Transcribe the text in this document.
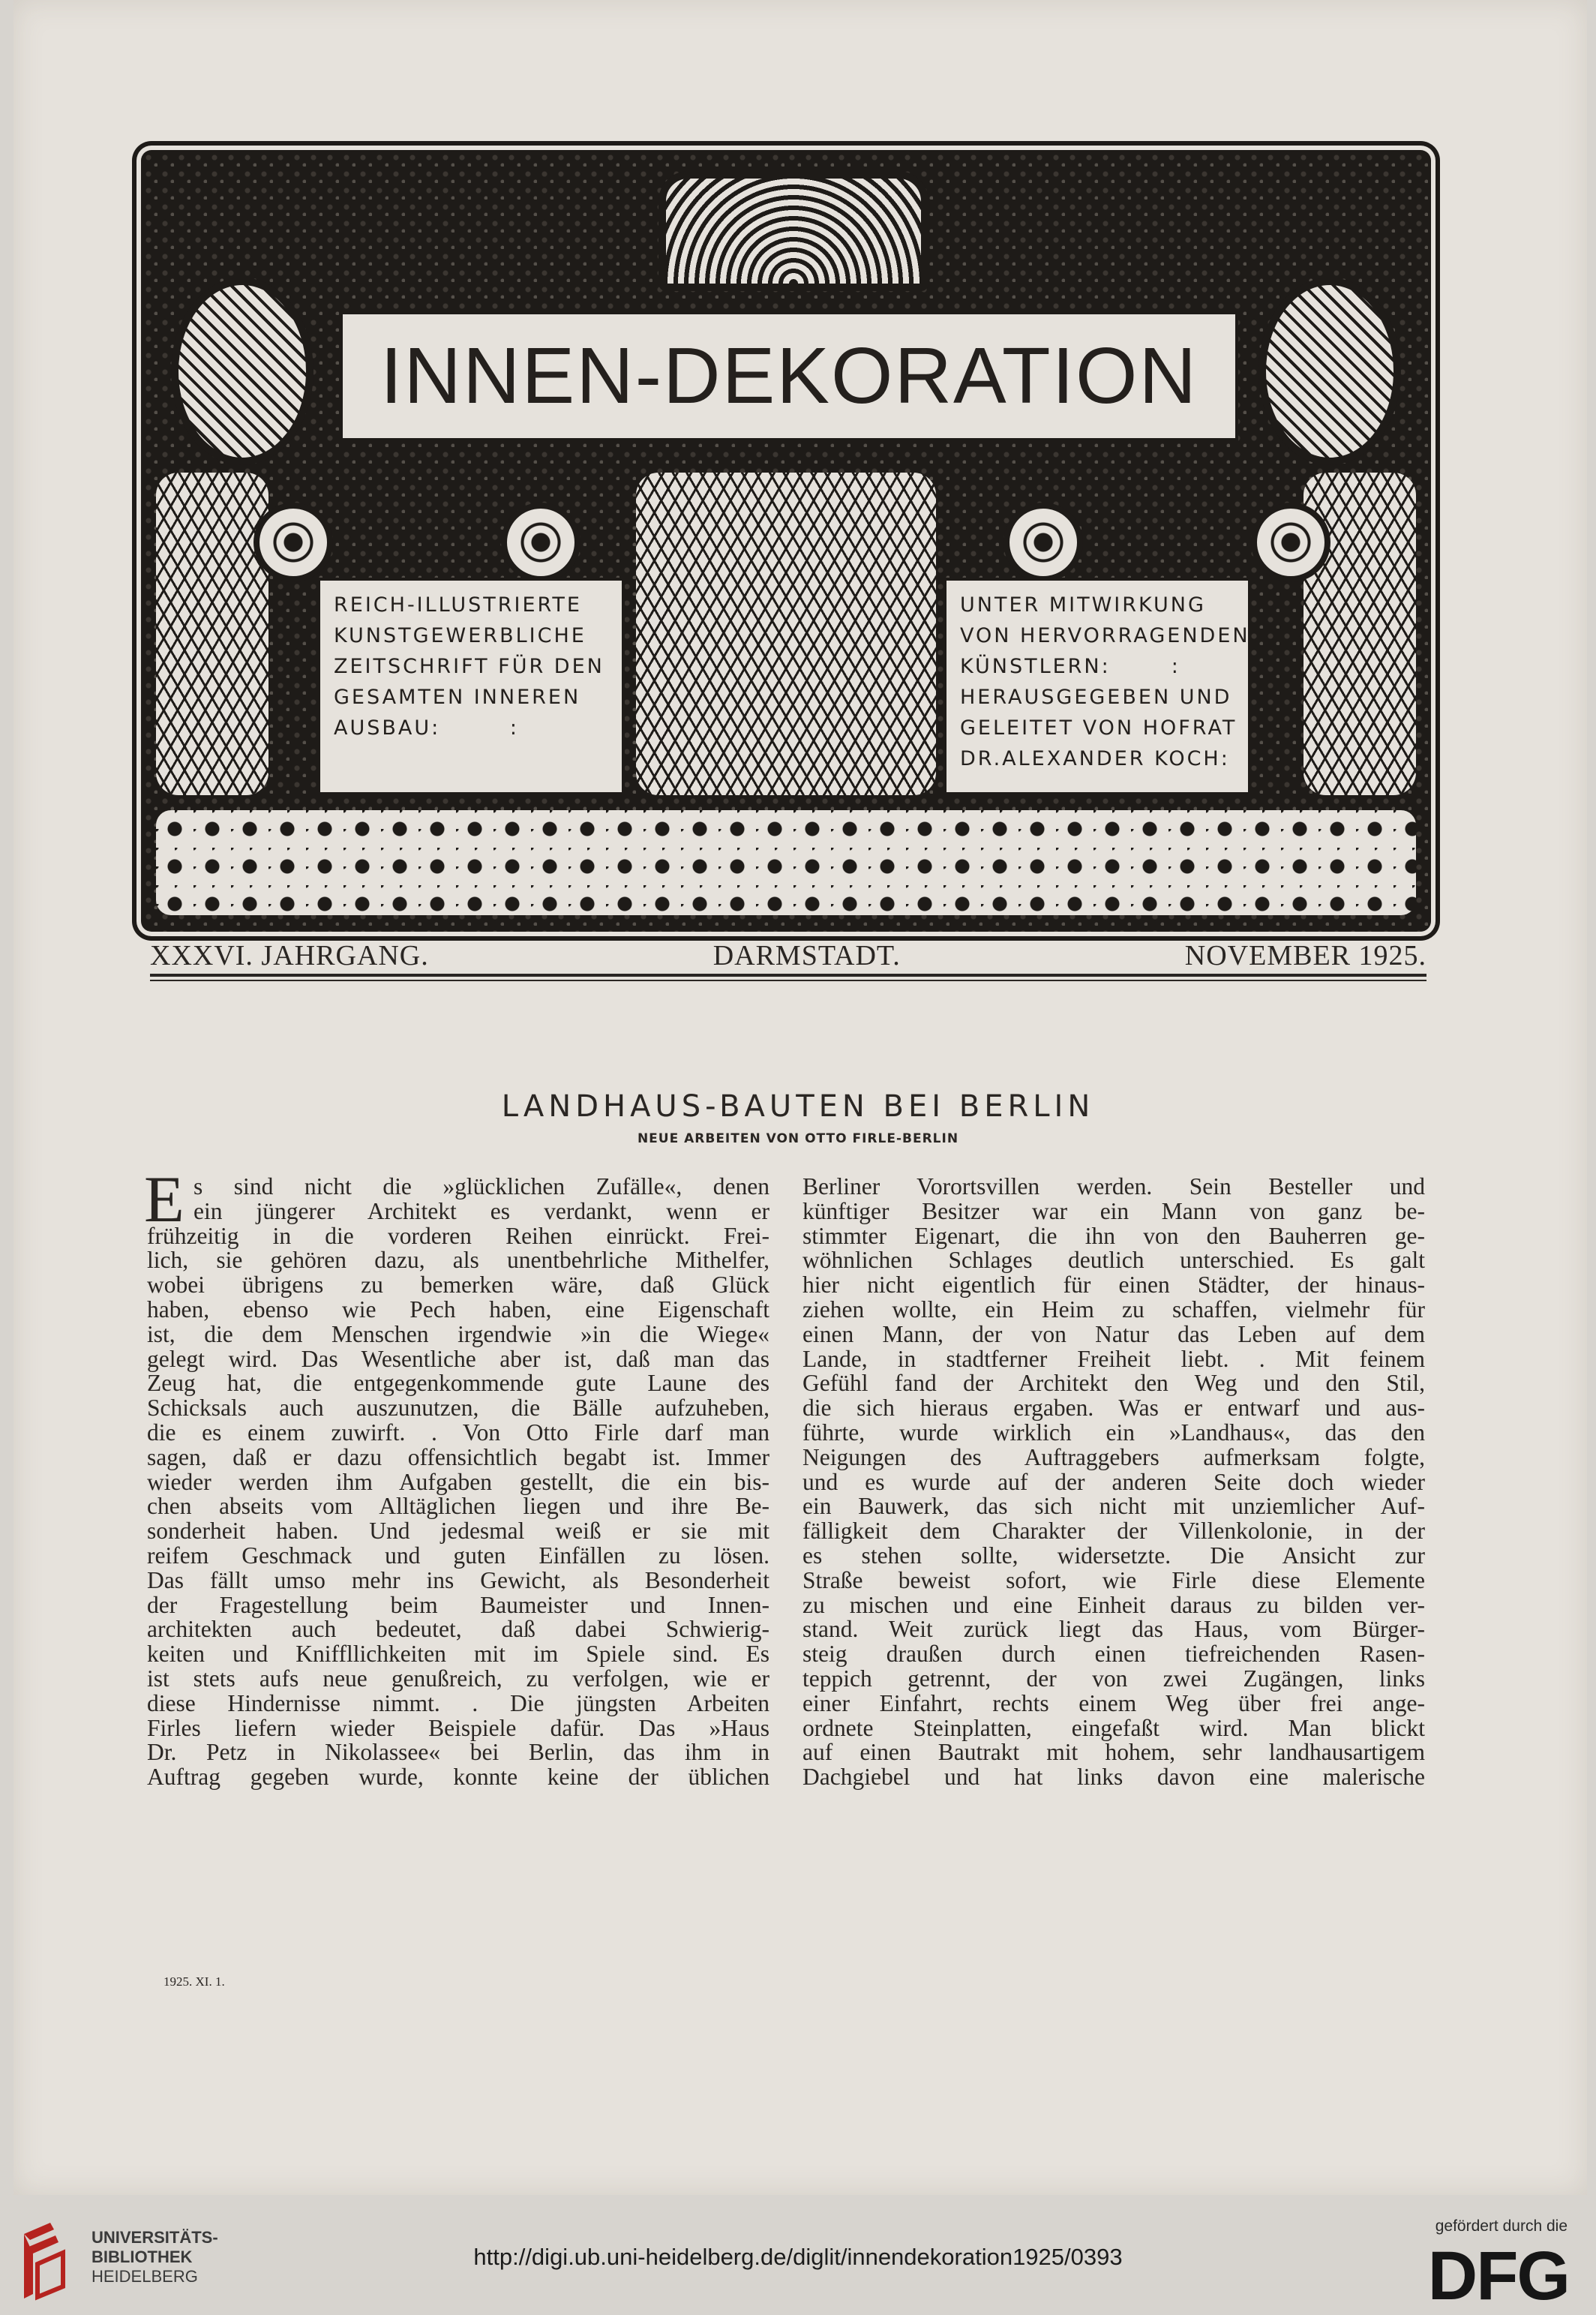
INNEN-DEKORATION
REICH-ILLUSTRIERTE
KUNSTGEWERBLICHE
ZEITSCHRIFT FÜR DEN
GESAMTEN INNEREN
AUSBAU:        :
UNTER MITWIRKUNG
VON HERVORRAGENDEN
KÜNSTLERN:       :
HERAUSGEGEBEN UND
GELEITET VON HOFRAT
DR.ALEXANDER KOCH:
XXXVI. JAHRGANG.	DARMSTADT.	NOVEMBER 1925.
LANDHAUS-BAUTEN BEI BERLIN
NEUE ARBEITEN VON OTTO FIRLE-BERLIN
E s sind nicht die »glücklichen Zufälle«, denen
ein jüngerer Architekt es verdankt, wenn er
frühzeitig in die vorderen Reihen einrückt. Frei-
lich, sie gehören dazu, als unentbehrliche Mithelfer,
wobei übrigens zu bemerken wäre, daß Glück
haben, ebenso wie Pech haben, eine Eigenschaft
ist, die dem Menschen irgendwie »in die Wiege«
gelegt wird. Das Wesentliche aber ist, daß man das
Zeug hat, die entgegenkommende gute Laune des
Schicksals auch auszunutzen, die Bälle aufzuheben,
die es einem zuwirft. . Von Otto Firle darf man
sagen, daß er dazu offensichtlich begabt ist. Immer
wieder werden ihm Aufgaben gestellt, die ein bis-
chen abseits vom Alltäglichen liegen und ihre Be-
sonderheit haben. Und jedesmal weiß er sie mit
reifem Geschmack und guten Einfällen zu lösen.
Das fällt umso mehr ins Gewicht, als Besonderheit
der Fragestellung beim Baumeister und Innen-
architekten auch bedeutet, daß dabei Schwierig-
keiten und Kniffllichkeiten mit im Spiele sind. Es
ist stets aufs neue genußreich, zu verfolgen, wie er
diese Hindernisse nimmt. . Die jüngsten Arbeiten
Firles liefern wieder Beispiele dafür. Das »Haus
Dr. Petz in Nikolassee« bei Berlin, das ihm in
Auftrag gegeben wurde, konnte keine der üblichen
Berliner Vorortsvillen werden. Sein Besteller und
künftiger Besitzer war ein Mann von ganz be-
stimmter Eigenart, die ihn von den Bauherren ge-
wöhnlichen Schlages deutlich unterschied. Es galt
hier nicht eigentlich für einen Städter, der hinaus-
ziehen wollte, ein Heim zu schaffen, vielmehr für
einen Mann, der von Natur das Leben auf dem
Lande, in stadtferner Freiheit liebt. . Mit feinem
Gefühl fand der Architekt den Weg und den Stil,
die sich hieraus ergaben. Was er entwarf und aus-
führte, wurde wirklich ein »Landhaus«, das den
Neigungen des Auftraggebers aufmerksam folgte,
und es wurde auf der anderen Seite doch wieder
ein Bauwerk, das sich nicht mit unziemlicher Auf-
fälligkeit dem Charakter der Villenkolonie, in der
es stehen sollte, widersetzte. Die Ansicht zur
Straße beweist sofort, wie Firle diese Elemente
zu mischen und eine Einheit daraus zu bilden ver-
stand. Weit zurück liegt das Haus, vom Bürger-
steig draußen durch einen tiefreichenden Rasen-
teppich getrennt, der von zwei Zugängen, links
einer Einfahrt, rechts einem Weg über frei ange-
ordnete Steinplatten, eingefaßt wird. Man blickt
auf einen Bautrakt mit hohem, sehr landhausartigem
Dachgiebel und hat links davon eine malerische
1925. XI. 1.
UNIVERSITÄTS-
BIBLIOTHEK
HEIDELBERG
http://digi.ub.uni-heidelberg.de/diglit/innendekoration1925/0393
gefördert durch die
DFG
